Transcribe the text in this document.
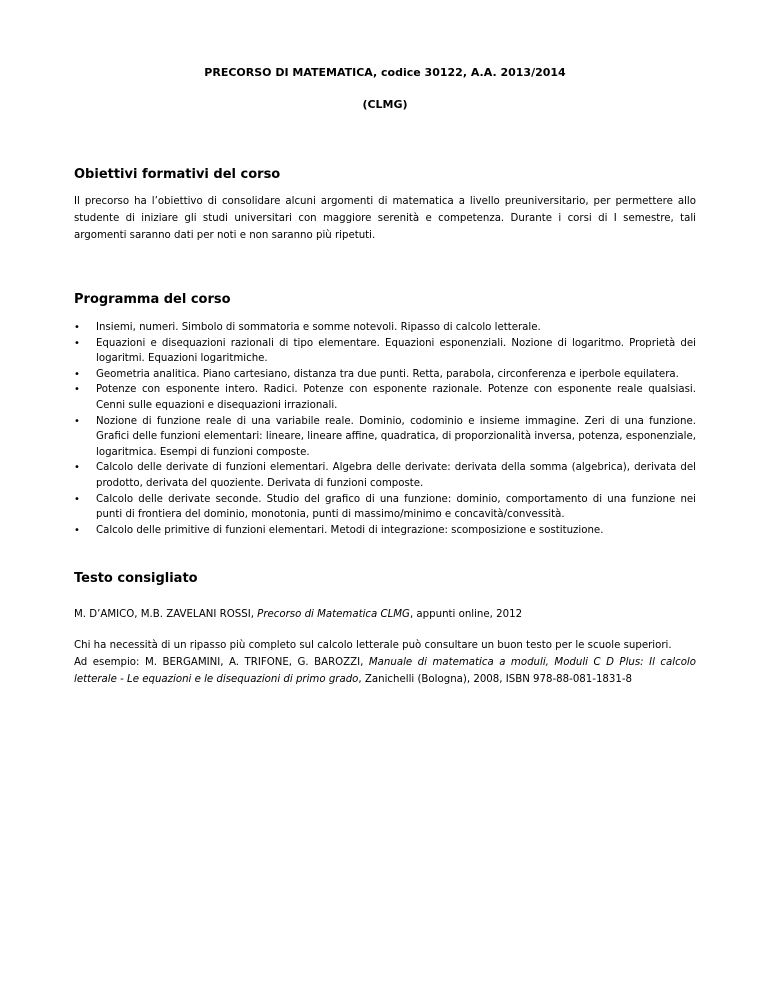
PRECORSO DI MATEMATICA, codice 30122, A.A. 2013/2014

(CLMG)

Obiettivi formativi del corso

Il precorso ha l’obiettivo di consolidare alcuni argomenti di matematica a livello preuniversitario, per permettere allo studente di iniziare gli studi universitari con maggiore serenità e competenza. Durante i corsi di I semestre, tali argomenti saranno dati per noti e non saranno più ripetuti.

Programma del corso
• Insiemi, numeri. Simbolo di sommatoria e somme notevoli. Ripasso di calcolo letterale.
• Equazioni e disequazioni razionali di tipo elementare. Equazioni esponenziali. Nozione di logaritmo. Proprietà dei logaritmi. Equazioni logaritmiche.
• Geometria analitica. Piano cartesiano, distanza tra due punti. Retta, parabola, circonferenza e iperbole equilatera.
• Potenze con esponente intero. Radici. Potenze con esponente razionale. Potenze con esponente reale qualsiasi. Cenni sulle equazioni e disequazioni irrazionali.
• Nozione di funzione reale di una variabile reale. Dominio, codominio e insieme immagine. Zeri di una funzione. Grafici delle funzioni elementari: lineare, lineare affine, quadratica, di proporzionalità inversa, potenza, esponenziale, logaritmica. Esempi di funzioni composte.
• Calcolo delle derivate di funzioni elementari. Algebra delle derivate: derivata della somma (algebrica), derivata del prodotto, derivata del quoziente. Derivata di funzioni composte.
• Calcolo delle derivate seconde. Studio del grafico di una funzione: dominio, comportamento di una funzione nei punti di frontiera del dominio, monotonia, punti di massimo/minimo e concavità/convessità.
• Calcolo delle primitive di funzioni elementari. Metodi di integrazione: scomposizione e sostituzione.
Testo consigliato

M. D’AMICO, M.B. ZAVELANI ROSSI, Precorso di Matematica CLMG, appunti online, 2012

Chi ha necessità di un ripasso più completo sul calcolo letterale può consultare un buon testo per le scuole superiori.
Ad esempio: M. BERGAMINI, A. TRIFONE, G. BAROZZI, Manuale di matematica a moduli, Moduli C D Plus: Il calcolo letterale - Le equazioni e le disequazioni di primo grado, Zanichelli (Bologna), 2008, ISBN 978-88-081-1831-8
